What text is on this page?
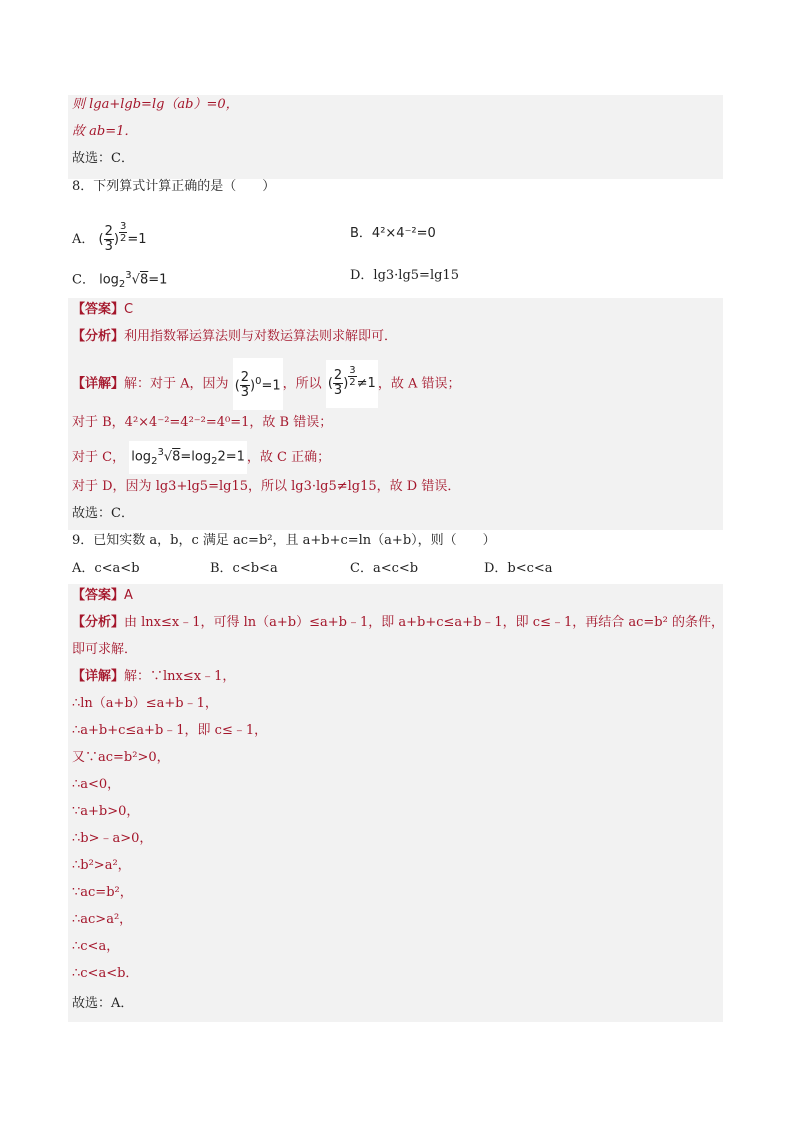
则 lga+lgb=lg（ab）=0，
故 ab=1．
故选：C．
8．下列算式计算正确的是（　　）
A． ( $\frac{2}{3}$ ) $\frac{3}{2} =1$	B．4²×4⁻²=0
C． $\log_2^3√8=1$	D．lg3·lg5=lg15
【答案】C
【分析】利用指数幂运算法则与对数运算法则求解即可．
【详解】解：对于 A，因为 ( $\frac{2}{3} )^0=1$ ，所以 ( $\frac{2}{3}$ ) $\frac{3}{2} \ne 1$ ，故 A 错误；
对于 B，4²×4⁻²=4²⁻²=4⁰=1，故 B 错误；
对于 C， $\log_2^3√8=\log_22=1$ ，故 C 正确；
对于 D，因为 lg3+lg5=lg15，所以 lg3·lg5≠lg15，故 D 错误．
故选：C．
9．已知实数 a，b，c 满足 ac=b²，且 a+b+c=ln（a+b），则（　　）
A．c<a<b	B．c<b<a	C．a<c<b	D．b<c<a
【答案】A
【分析】由 lnx≤x﹣1，可得 ln（a+b）≤a+b﹣1，即 a+b+c≤a+b﹣1，即 c≤﹣1，再结合 ac=b² 的条件，
即可求解．
【详解】解：∵lnx≤x﹣1，
∴ln（a+b）≤a+b﹣1，
∴a+b+c≤a+b﹣1，即 c≤﹣1，
又∵ac=b²>0，
∴a<0，
∵a+b>0，
∴b>﹣a>0，
∴b²>a²，
∵ac=b²，
∴ac>a²，
∴c<a，
∴c<a<b．
故选：A．
